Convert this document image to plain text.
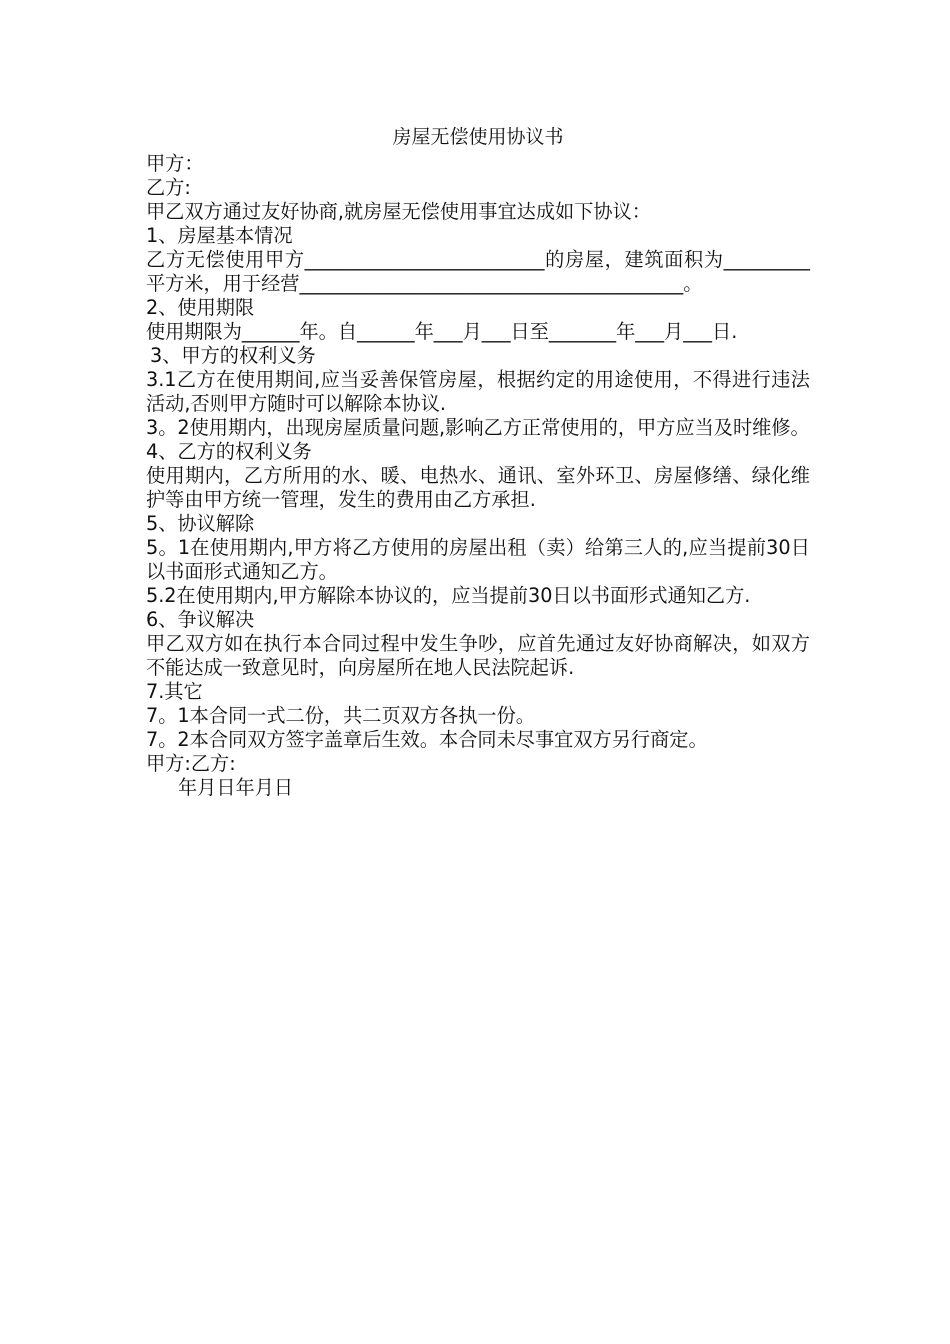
房屋无偿使用协议书

甲方：

乙方:

甲乙双方通过友好协商,就房屋无偿使用事宜达成如下协议：

1、房屋基本情况

乙方无偿使用甲方_________________________的房屋，建筑面积为_________平方米，用于经营________________________________________。

2、使用期限

使用期限为______年。自______年___月___日至_______年___月___日.

3、甲方的权利义务

3.1乙方在使用期间,应当妥善保管房屋，根据约定的用途使用，不得进行违法活动,否则甲方随时可以解除本协议.

3。2使用期内，出现房屋质量问题,影响乙方正常使用的，甲方应当及时维修。

4、乙方的权利义务

使用期内，乙方所用的水、暖、电热水、通讯、室外环卫、房屋修缮、绿化维护等由甲方统一管理，发生的费用由乙方承担.

5、协议解除

5。1在使用期内,甲方将乙方使用的房屋出租（卖）给第三人的,应当提前30日以书面形式通知乙方。

5.2在使用期内,甲方解除本协议的，应当提前30日以书面形式通知乙方.

6、争议解决

甲乙双方如在执行本合同过程中发生争吵，应首先通过友好协商解决，如双方不能达成一致意见时，向房屋所在地人民法院起诉.

7.其它

7。1本合同一式二份，共二页双方各执一份。

7。2本合同双方签字盖章后生效。本合同未尽事宜双方另行商定。

甲方:乙方:

年月日年月日
